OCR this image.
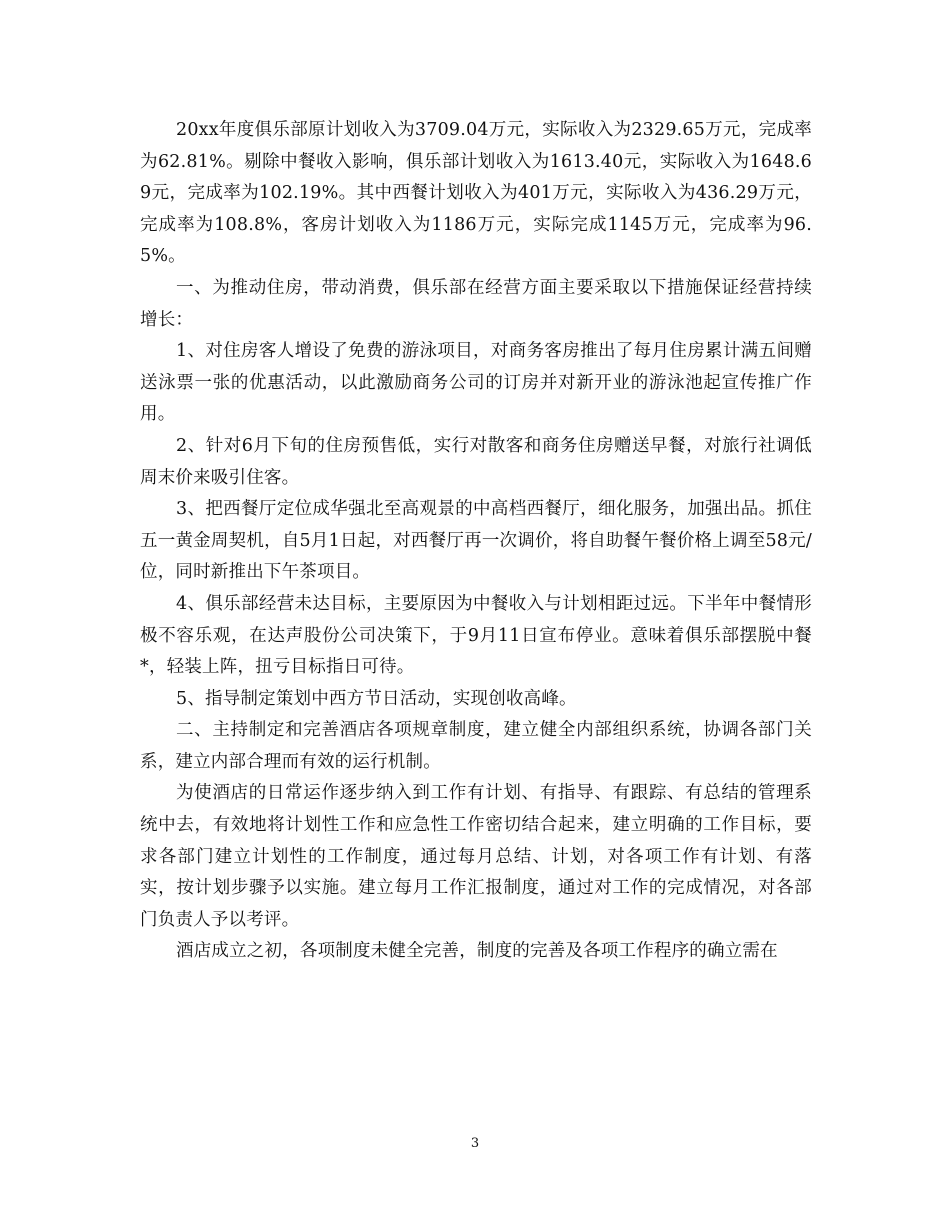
20xx年度俱乐部原计划收入为3709.04万元，实际收入为2329.65万元，完成率为62.81%。剔除中餐收入影响，俱乐部计划收入为1613.40元，实际收入为1648.69元，完成率为102.19%。其中西餐计划收入为401万元，实际收入为436.29万元，完成率为108.8%，客房计划收入为1186万元，实际完成1145万元，完成率为96.5%。

一、为推动住房，带动消费，俱乐部在经营方面主要采取以下措施保证经营持续增长：

1、对住房客人增设了免费的游泳项目，对商务客房推出了每月住房累计满五间赠送泳票一张的优惠活动，以此激励商务公司的订房并对新开业的游泳池起宣传推广作用。

2、针对6月下旬的住房预售低，实行对散客和商务住房赠送早餐，对旅行社调低周末价来吸引住客。

3、把西餐厅定位成华强北至高观景的中高档西餐厅，细化服务，加强出品。抓住五一黄金周契机，自5月1日起，对西餐厅再一次调价，将自助餐午餐价格上调至58元/位，同时新推出下午茶项目。

4、俱乐部经营未达目标，主要原因为中餐收入与计划相距过远。下半年中餐情形极不容乐观，在达声股份公司决策下，于9月11日宣布停业。意味着俱乐部摆脱中餐*，轻装上阵，扭亏目标指日可待。

5、指导制定策划中西方节日活动，实现创收高峰。

二、主持制定和完善酒店各项规章制度，建立健全内部组织系统，协调各部门关系，建立内部合理而有效的运行机制。

为使酒店的日常运作逐步纳入到工作有计划、有指导、有跟踪、有总结的管理系统中去，有效地将计划性工作和应急性工作密切结合起来，建立明确的工作目标，要求各部门建立计划性的工作制度，通过每月总结、计划，对各项工作有计划、有落实，按计划步骤予以实施。建立每月工作汇报制度，通过对工作的完成情况，对各部门负责人予以考评。

酒店成立之初，各项制度未健全完善，制度的完善及各项工作程序的确立需在

3
